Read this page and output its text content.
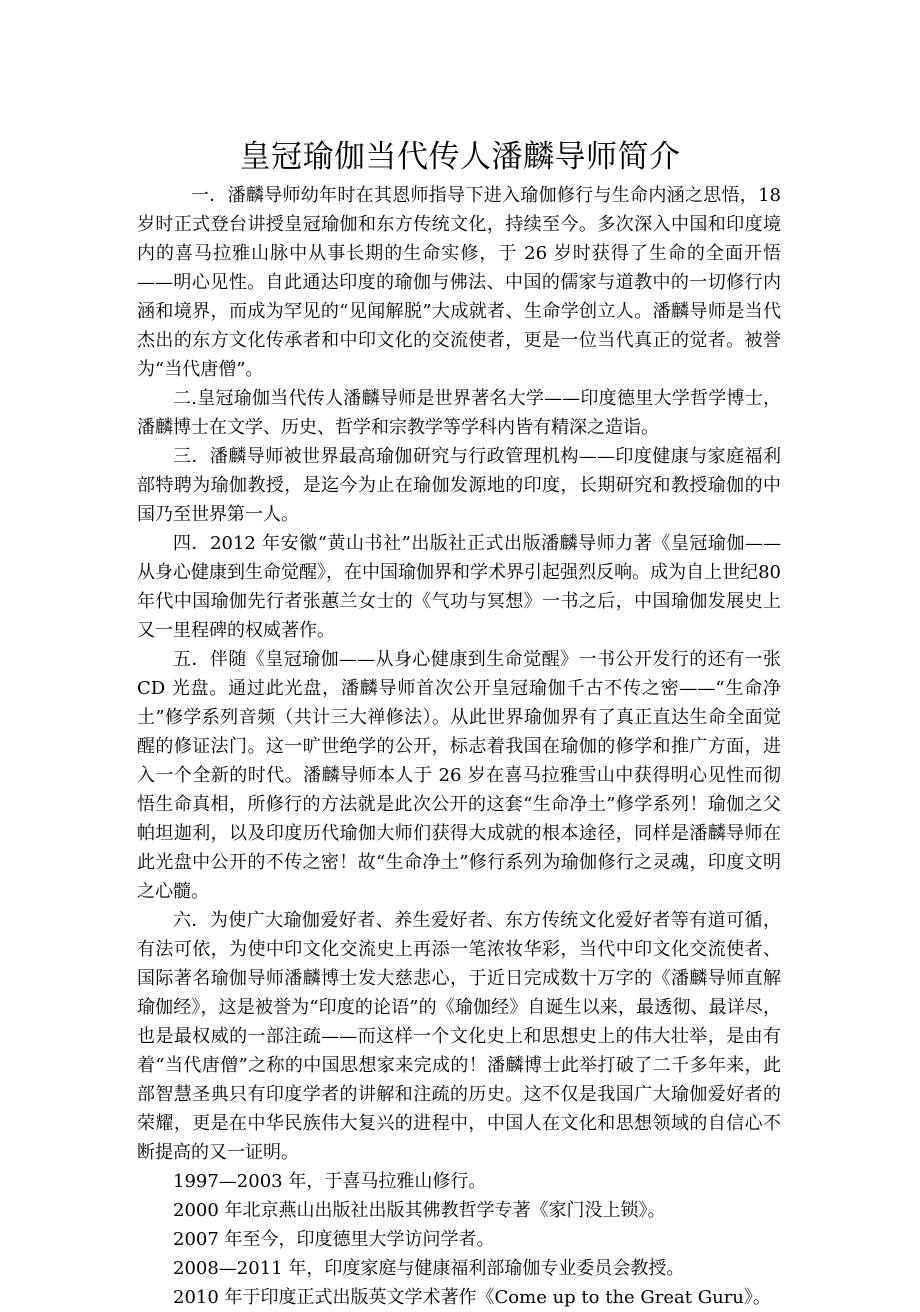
皇冠瑜伽当代传人潘麟导师简介

一．潘麟导师幼年时在其恩师指导下进入瑜伽修行与生命内涵之思悟，18岁时正式登台讲授皇冠瑜伽和东方传统文化，持续至今。多次深入中国和印度境内的喜马拉雅山脉中从事长期的生命实修，于 26 岁时获得了生命的全面开悟——明心见性。自此通达印度的瑜伽与佛法、中国的儒家与道教中的一切修行内涵和境界，而成为罕见的“见闻解脱”大成就者、生命学创立人。潘麟导师是当代杰出的东方文化传承者和中印文化的交流使者，更是一位当代真正的觉者。被誉为“当代唐僧”。

二.皇冠瑜伽当代传人潘麟导师是世界著名大学——印度德里大学哲学博士，潘麟博士在文学、历史、哲学和宗教学等学科内皆有精深之造诣。

三．潘麟导师被世界最高瑜伽研究与行政管理机构——印度健康与家庭福利部特聘为瑜伽教授，是迄今为止在瑜伽发源地的印度，长期研究和教授瑜伽的中国乃至世界第一人。

四．2012 年安徽“黄山书社”出版社正式出版潘麟导师力著《皇冠瑜伽——从身心健康到生命觉醒》，在中国瑜伽界和学术界引起强烈反响。成为自上世纪80 年代中国瑜伽先行者张蕙兰女士的《气功与冥想》一书之后，中国瑜伽发展史上又一里程碑的权威著作。

五．伴随《皇冠瑜伽——从身心健康到生命觉醒》一书公开发行的还有一张CD 光盘。通过此光盘，潘麟导师首次公开皇冠瑜伽千古不传之密——“生命净土”修学系列音频（共计三大禅修法）。从此世界瑜伽界有了真正直达生命全面觉醒的修证法门。这一旷世绝学的公开，标志着我国在瑜伽的修学和推广方面，进入一个全新的时代。潘麟导师本人于 26 岁在喜马拉雅雪山中获得明心见性而彻悟生命真相，所修行的方法就是此次公开的这套“生命净土”修学系列！瑜伽之父帕坦迦利，以及印度历代瑜伽大师们获得大成就的根本途径，同样是潘麟导师在此光盘中公开的不传之密！故“生命净土”修行系列为瑜伽修行之灵魂，印度文明之心髓。

六．为使广大瑜伽爱好者、养生爱好者、东方传统文化爱好者等有道可循，有法可依，为使中印文化交流史上再添一笔浓妆华彩，当代中印文化交流使者、国际著名瑜伽导师潘麟博士发大慈悲心，于近日完成数十万字的《潘麟导师直解瑜伽经》，这是被誉为“印度的论语”的《瑜伽经》自诞生以来，最透彻、最详尽，也是最权威的一部注疏——而这样一个文化史上和思想史上的伟大壮举，是由有着“当代唐僧”之称的中国思想家来完成的！潘麟博士此举打破了二千多年来，此部智慧圣典只有印度学者的讲解和注疏的历史。这不仅是我国广大瑜伽爱好者的荣耀，更是在中华民族伟大复兴的进程中，中国人在文化和思想领域的自信心不断提高的又一证明。

1997—2003 年，于喜马拉雅山修行。

2000 年北京燕山出版社出版其佛教哲学专著《家门没上锁》。

2007 年至今，印度德里大学访问学者。

2008—2011 年，印度家庭与健康福利部瑜伽专业委员会教授。

2010 年于印度正式出版英文学术著作《Come up to the Great Guru》。
